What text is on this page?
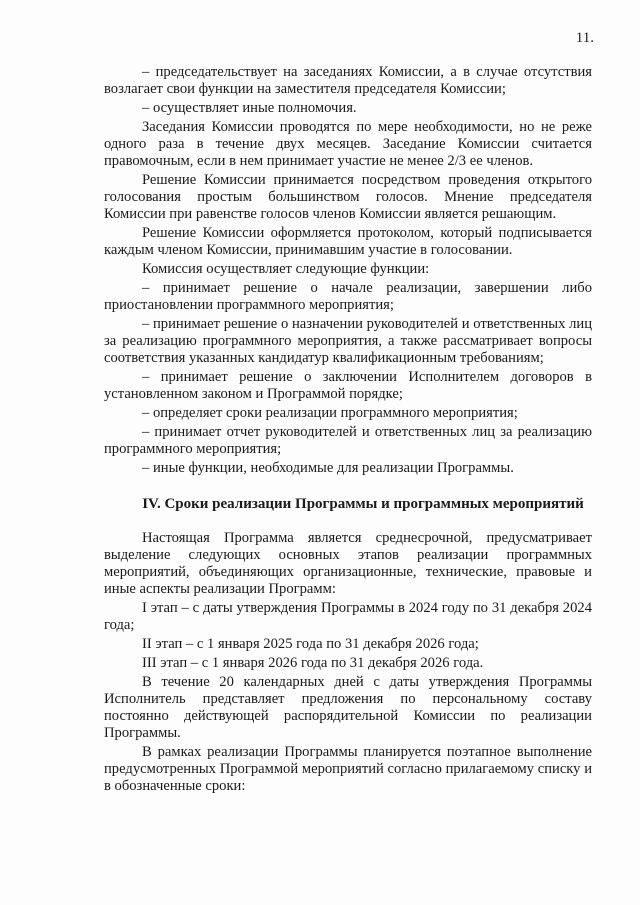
11.

– председательствует на заседаниях Комиссии, а в случае отсутствия возлагает свои функции на заместителя председателя Комиссии;

– осуществляет иные полномочия.

Заседания Комиссии проводятся по мере необходимости, но не реже одного раза в течение двух месяцев. Заседание Комиссии считается правомочным, если в нем принимает участие не менее 2/3 ее членов.

Решение Комиссии принимается посредством проведения открытого голосования простым большинством голосов. Мнение председателя Комиссии при равенстве голосов членов Комиссии является решающим.

Решение Комиссии оформляется протоколом, который подписывается каждым членом Комиссии, принимавшим участие в голосовании.

Комиссия осуществляет следующие функции:

– принимает решение о начале реализации, завершении либо приостановлении программного мероприятия;

– принимает решение о назначении руководителей и ответственных лиц за реализацию программного мероприятия, а также рассматривает вопросы соответствия указанных кандидатур квалификационным требованиям;

– принимает решение о заключении Исполнителем договоров в установленном законом и Программой порядке;

– определяет сроки реализации программного мероприятия;

– принимает отчет руководителей и ответственных лиц за реализацию программного мероприятия;

– иные функции, необходимые для реализации Программы.

IV. Сроки реализации Программы и программных мероприятий

Настоящая Программа является среднесрочной, предусматривает выделение следующих основных этапов реализации программных мероприятий, объединяющих организационные, технические, правовые и иные аспекты реализации Программ:

I этап – с даты утверждения Программы в 2024 году по 31 декабря 2024 года;

II этап – с 1 января 2025 года по 31 декабря 2026 года;

III этап – с 1 января 2026 года по 31 декабря 2026 года.

В течение 20 календарных дней с даты утверждения Программы Исполнитель представляет предложения по персональному составу постоянно действующей распорядительной Комиссии по реализации Программы.

В рамках реализации Программы планируется поэтапное выполнение предусмотренных Программой мероприятий согласно прилагаемому списку и в обозначенные сроки:
